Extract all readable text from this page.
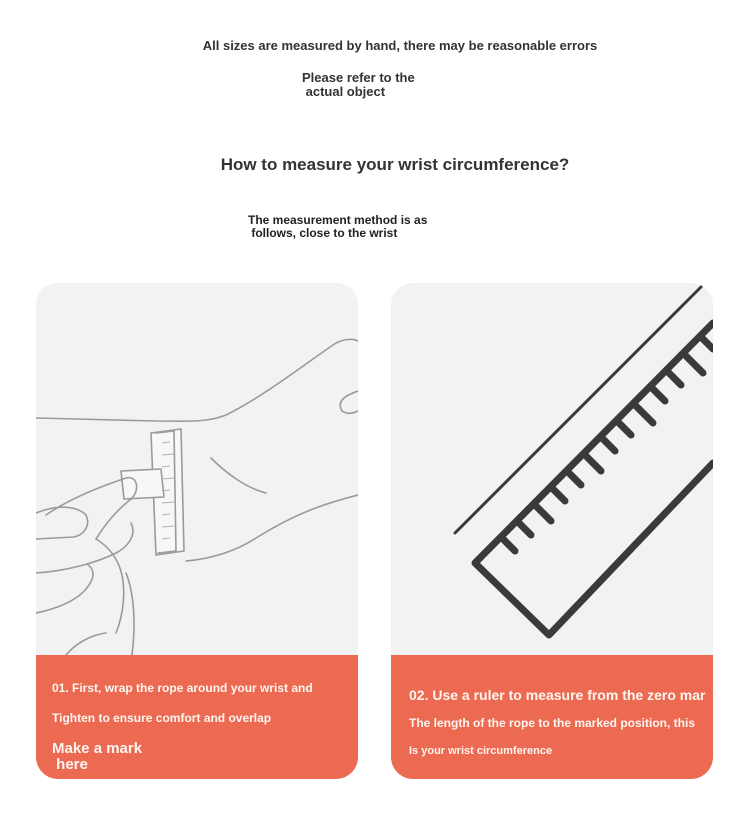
All sizes are measured by hand, there may be reasonable errors
Please refer to the
actual object
How to measure your wrist circumference?
The measurement method is as
follows, close to the wrist
01. First, wrap the rope around your wrist and
Tighten to ensure comfort and overlap
Make a mark
here
02. Use a ruler to measure from the zero mar
The length of the rope to the marked position, this
Is your wrist circumference
